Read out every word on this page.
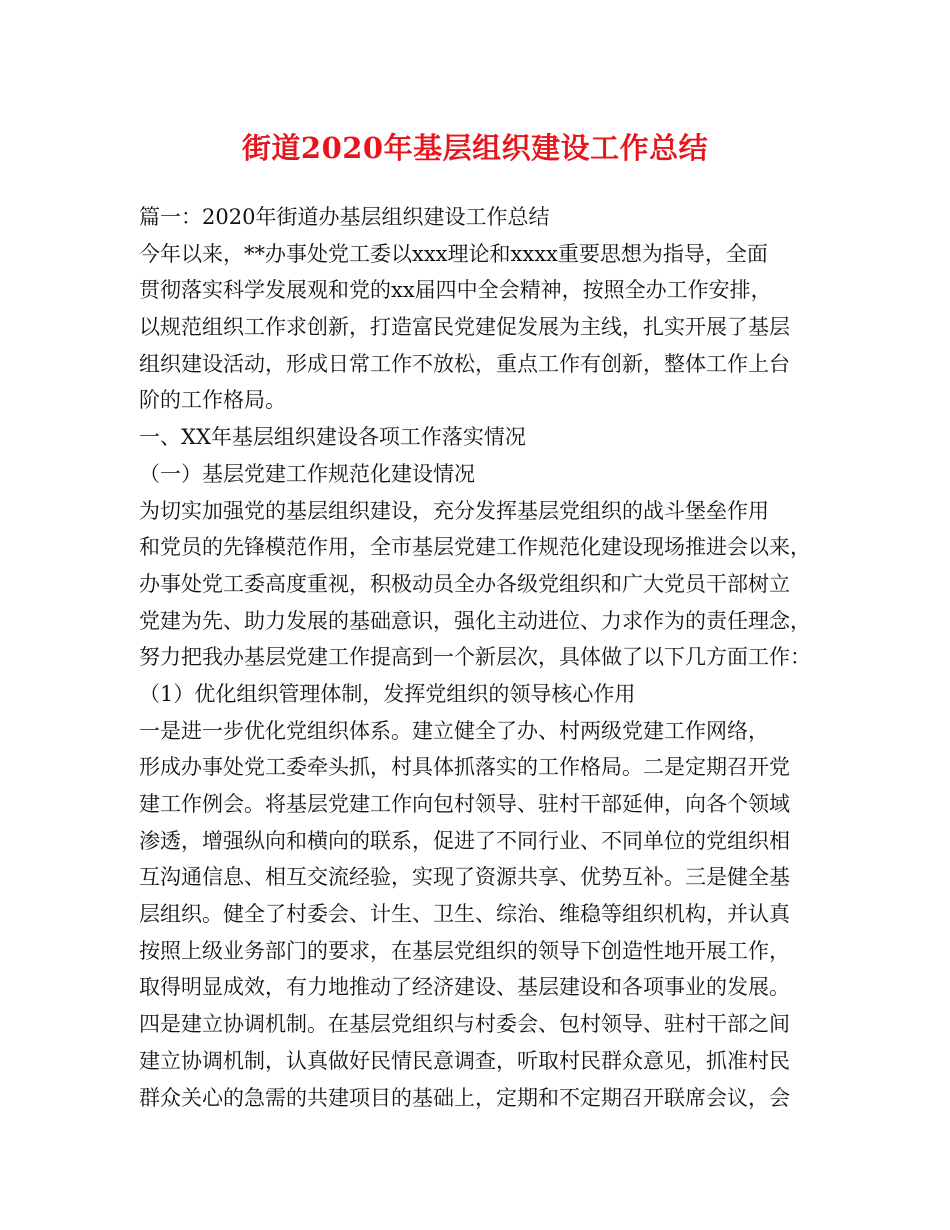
街道2020年基层组织建设工作总结
篇一：2020年街道办基层组织建设工作总结
今年以来，**办事处党工委以xxx理论和xxxx重要思想为指导，全面
贯彻落实科学发展观和党的xx届四中全会精神，按照全办工作安排，
以规范组织工作求创新，打造富民党建促发展为主线，扎实开展了基层
组织建设活动，形成日常工作不放松，重点工作有创新，整体工作上台
阶的工作格局。
一、XX年基层组织建设各项工作落实情况
（一）基层党建工作规范化建设情况
为切实加强党的基层组织建设，充分发挥基层党组织的战斗堡垒作用
和党员的先锋模范作用，全市基层党建工作规范化建设现场推进会以来，
办事处党工委高度重视，积极动员全办各级党组织和广大党员干部树立
党建为先、助力发展的基础意识，强化主动进位、力求作为的责任理念，
努力把我办基层党建工作提高到一个新层次，具体做了以下几方面工作：
（1）优化组织管理体制，发挥党组织的领导核心作用
一是进一步优化党组织体系。建立健全了办、村两级党建工作网络，
形成办事处党工委牵头抓，村具体抓落实的工作格局。二是定期召开党
建工作例会。将基层党建工作向包村领导、驻村干部延伸，向各个领域
渗透，增强纵向和横向的联系，促进了不同行业、不同单位的党组织相
互沟通信息、相互交流经验，实现了资源共享、优势互补。三是健全基
层组织。健全了村委会、计生、卫生、综治、维稳等组织机构，并认真
按照上级业务部门的要求，在基层党组织的领导下创造性地开展工作，
取得明显成效，有力地推动了经济建设、基层建设和各项事业的发展。
四是建立协调机制。在基层党组织与村委会、包村领导、驻村干部之间
建立协调机制，认真做好民情民意调查，听取村民群众意见，抓准村民
群众关心的急需的共建项目的基础上，定期和不定期召开联席会议，会
